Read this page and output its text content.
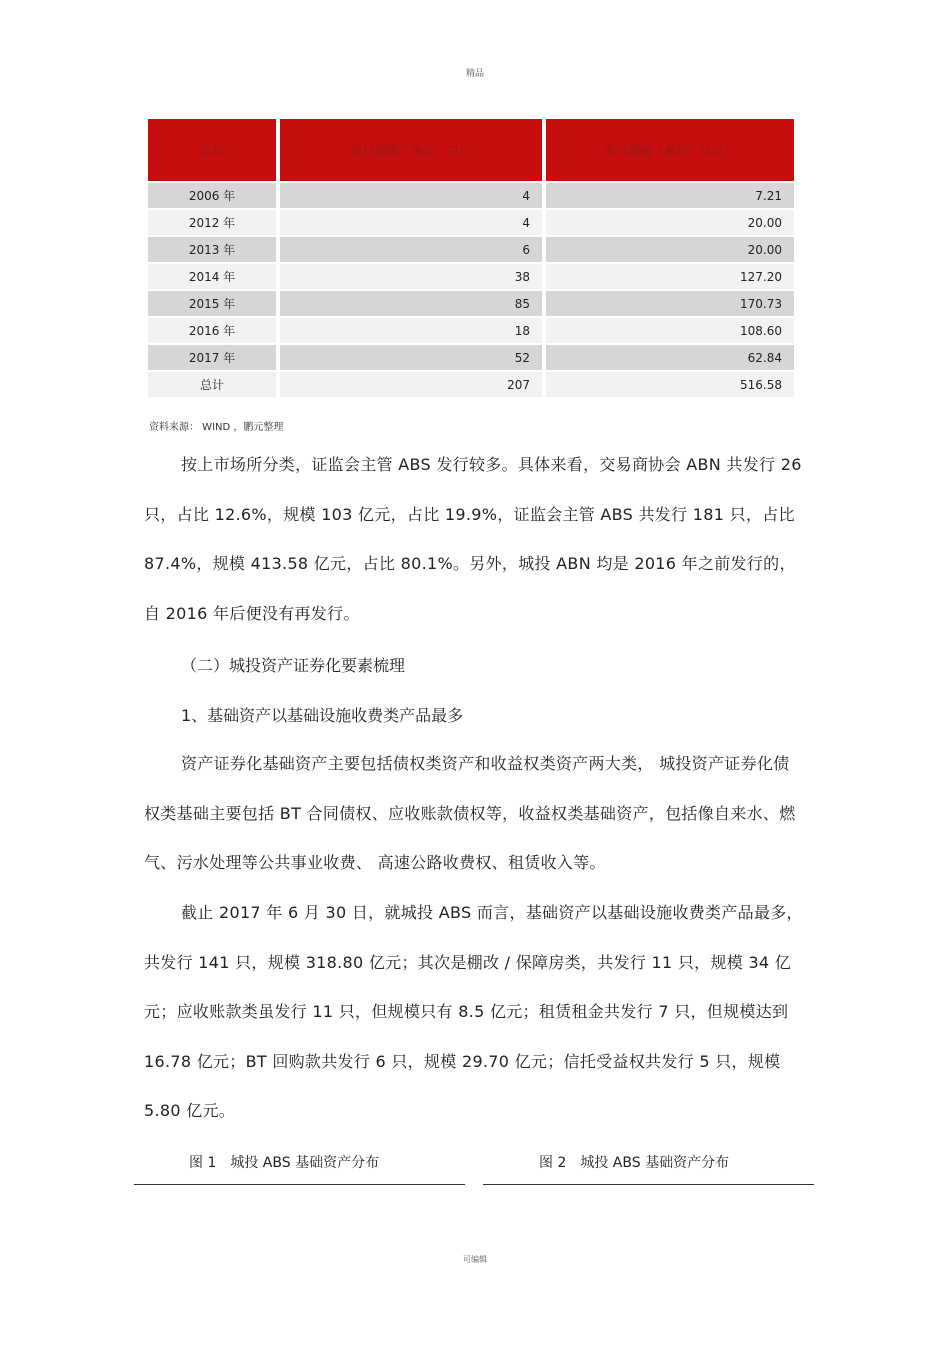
精品
年份	发行期数（单位：只）	发行规模（单位：亿元）
2006 年	4	7.21
2012 年	4	20.00
2013 年	6	20.00
2014 年	38	127.20
2015 年	85	170.73
2016 年	18	108.60
2017 年	52	62.84
总计	207	516.58
资料来源： WIND ，鹏元整理
按上市场所分类，证监会主管 ABS 发行较多。具体来看，交易商协会 ABN 共发行 26 只，占比 12.6%，规模 103 亿元，占比 19.9%，证监会主管 ABS 共发行 181 只，占比 87.4%，规模 413.58 亿元，占比 80.1%。另外，城投 ABN 均是 2016 年之前发行的，自 2016 年后便没有再发行。
（二）城投资产证券化要素梳理
1、基础资产以基础设施收费类产品最多
资产证券化基础资产主要包括债权类资产和收益权类资产两大类， 城投资产证券化债权类基础主要包括 BT 合同债权、应收账款债权等，收益权类基础资产，包括像自来水、燃气、污水处理等公共事业收费、 高速公路收费权、租赁收入等。
截止 2017 年 6 月 30 日，就城投 ABS 而言，基础资产以基础设施收费类产品最多，共发行 141 只，规模 318.80 亿元；其次是棚改 / 保障房类，共发行 11 只，规模 34 亿元；应收账款类虽发行 11 只，但规模只有 8.5 亿元；租赁租金共发行 7 只，但规模达到 16.78 亿元；BT 回购款共发行 6 只，规模 29.70 亿元；信托受益权共发行 5 只，规模 5.80 亿元。
图 1　城投 ABS 基础资产分布	图 2　城投 ABS 基础资产分布
可编辑
